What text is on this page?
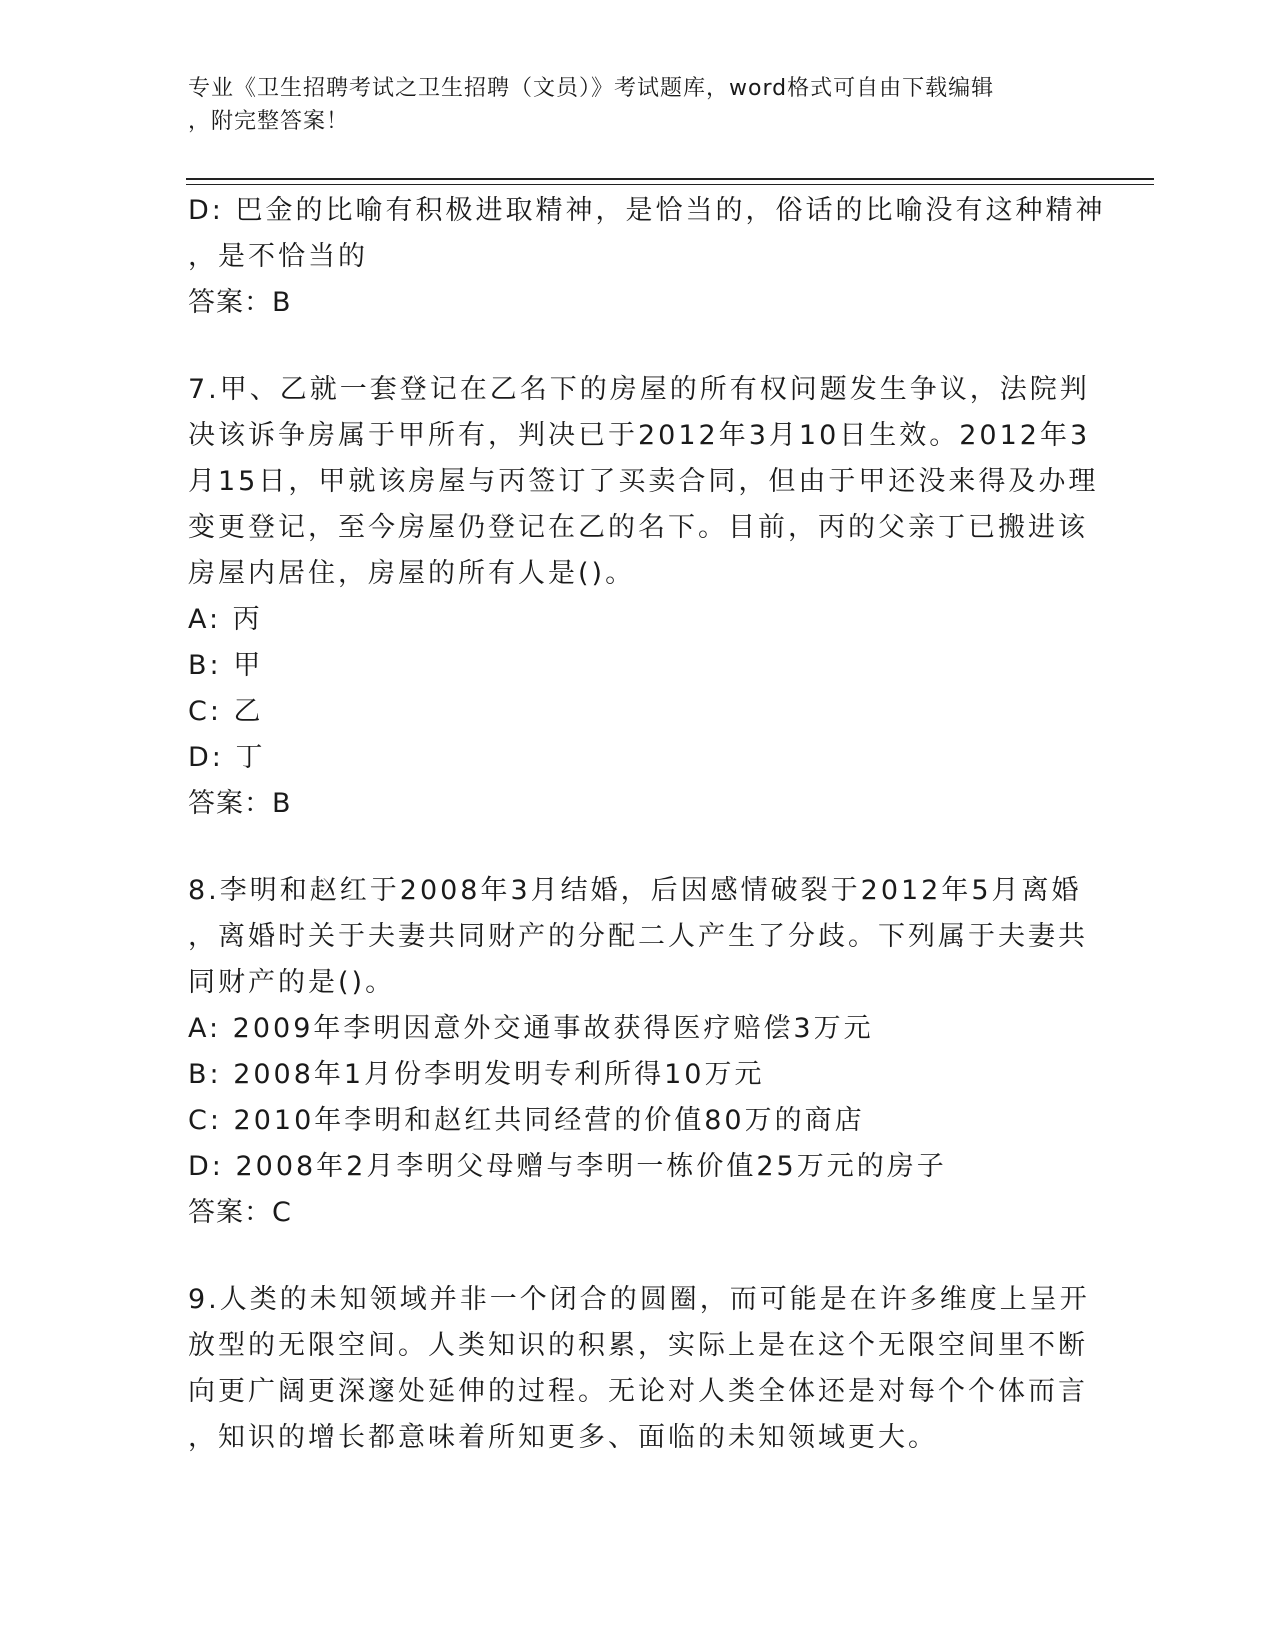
专业《卫生招聘考试之卫生招聘（文员）》考试题库，word格式可自由下载编辑
，附完整答案！
D: 巴金的比喻有积极进取精神，是恰当的，俗话的比喻没有这种精神
，是不恰当的
答案：B
7.甲、乙就一套登记在乙名下的房屋的所有权问题发生争议，法院判
决该诉争房属于甲所有，判决已于2012年3月10日生效。2012年3
月15日，甲就该房屋与丙签订了买卖合同，但由于甲还没来得及办理
变更登记，至今房屋仍登记在乙的名下。目前，丙的父亲丁已搬进该
房屋内居住，房屋的所有人是()。
A: 丙
B: 甲
C: 乙
D: 丁
答案：B
8.李明和赵红于2008年3月结婚，后因感情破裂于2012年5月离婚
，离婚时关于夫妻共同财产的分配二人产生了分歧。下列属于夫妻共
同财产的是()。
A: 2009年李明因意外交通事故获得医疗赔偿3万元
B: 2008年1月份李明发明专利所得10万元
C: 2010年李明和赵红共同经营的价值80万的商店
D: 2008年2月李明父母赠与李明一栋价值25万元的房子
答案：C
9.人类的未知领域并非一个闭合的圆圈，而可能是在许多维度上呈开
放型的无限空间。人类知识的积累，实际上是在这个无限空间里不断
向更广阔更深邃处延伸的过程。无论对人类全体还是对每个个体而言
，知识的增长都意味着所知更多、面临的未知领域更大。
